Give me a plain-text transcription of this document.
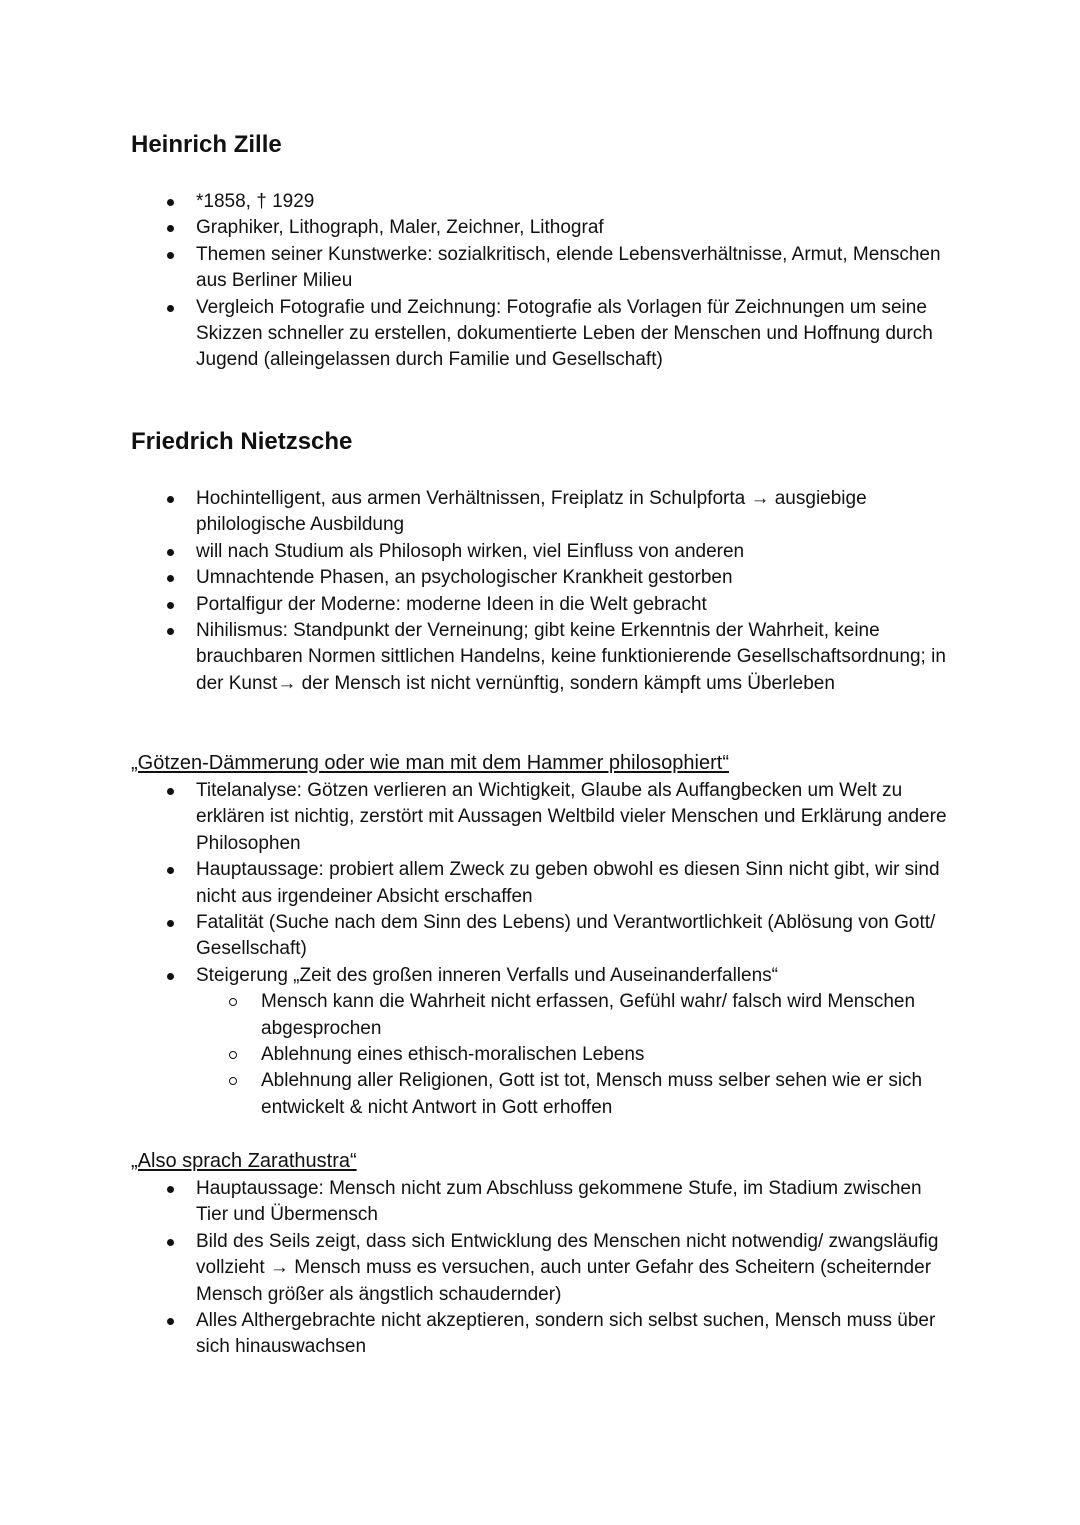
Heinrich Zille
*1858, † 1929
Graphiker, Lithograph, Maler, Zeichner, Lithograf
Themen seiner Kunstwerke: sozialkritisch, elende Lebensverhältnisse, Armut, Menschen aus Berliner Milieu
Vergleich Fotografie und Zeichnung: Fotografie als Vorlagen für Zeichnungen um seine Skizzen schneller zu erstellen, dokumentierte Leben der Menschen und Hoffnung durch Jugend (alleingelassen durch Familie und Gesellschaft)
Friedrich Nietzsche
Hochintelligent, aus armen Verhältnissen, Freiplatz in Schulpforta → ausgiebige philologische Ausbildung
will nach Studium als Philosoph wirken, viel Einfluss von anderen
Umnachtende Phasen, an psychologischer Krankheit gestorben
Portalfigur der Moderne: moderne Ideen in die Welt gebracht
Nihilismus: Standpunkt der Verneinung; gibt keine Erkenntnis der Wahrheit, keine brauchbaren Normen sittlichen Handelns, keine funktionierende Gesellschaftsordnung; in der Kunst→ der Mensch ist nicht vernünftig, sondern kämpft ums Überleben
„Götzen-Dämmerung oder wie man mit dem Hammer philosophiert“
Titelanalyse: Götzen verlieren an Wichtigkeit, Glaube als Auffangbecken um Welt zu erklären ist nichtig, zerstört mit Aussagen Weltbild vieler Menschen und Erklärung andere Philosophen
Hauptaussage: probiert allem Zweck zu geben obwohl es diesen Sinn nicht gibt, wir sind nicht aus irgendeiner Absicht erschaffen
Fatalität (Suche nach dem Sinn des Lebens) und Verantwortlichkeit (Ablösung von Gott/ Gesellschaft)
Steigerung „Zeit des großen inneren Verfalls und Auseinanderfallens“
Mensch kann die Wahrheit nicht erfassen, Gefühl wahr/ falsch wird Menschen abgesprochen
Ablehnung eines ethisch-moralischen Lebens
Ablehnung aller Religionen, Gott ist tot, Mensch muss selber sehen wie er sich entwickelt & nicht Antwort in Gott erhoffen
„Also sprach Zarathustra“
Hauptaussage: Mensch nicht zum Abschluss gekommene Stufe, im Stadium zwischen Tier und Übermensch
Bild des Seils zeigt, dass sich Entwicklung des Menschen nicht notwendig/ zwangsläufig vollzieht → Mensch muss es versuchen, auch unter Gefahr des Scheitern (scheiternder Mensch größer als ängstlich schaudernder)
Alles Althergebrachte nicht akzeptieren, sondern sich selbst suchen, Mensch muss über sich hinauswachsen
